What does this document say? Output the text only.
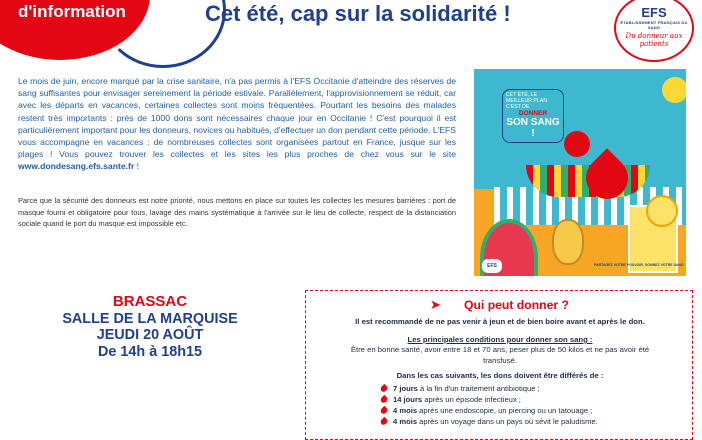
d'information	Cet été, cap sur la solidarité !	EFS
ÉTABLISSEMENT FRANÇAIS DU SANG
Du donneur aux patients
Le mois de juin, encore marqué par la crise sanitaire, n'a pas permis à l'EFS Occitanie d'atteindre des réserves de sang suffisantes pour envisager sereinement la période estivale. Parallèlement, l'approvisionnement se réduit, car avec les départs en vacances, certaines collectes sont moins fréquentées. Pourtant les besoins des malades restent très importants : près de 1000 dons sont nécessaires chaque jour en Occitanie ! C'est pourquoi il est particulièrement important pour les donneurs, novices ou habitués, d'effectuer un don pendant cette période. L'EFS vous accompagne en vacances : de nombreuses collectes sont organisées partout en France, jusque sur les plages ! Vous pouvez trouver les collectes et les sites les plus proches de chez vous sur le site www.dondesang.efs.sante.fr !
Parce que la sécurité des donneurs est notre priorité, nous mettons en place sur toutes les collectes les mesures barrières : port de masque fourni et obligatoire pour tous, lavage des mains systématique à l'arrivée sur le lieu de collecte, respect de la distanciation sociale quand le port du masque est impossible etc.
CET ÉTÉ, LE MEILLEUR PLAN C'EST DE
DONNER
SON SANG !
EFS	PARTAGEZ VOTRE POUVOIR, DONNEZ VOTRE SANG
BRASSAC
SALLE DE LA MARQUISE
JEUDI 20 AOÛT
De 14h à 18h15
➤ Qui peut donner ?
Il est recommandé de ne pas venir à jeun et de bien boire avant et après le don.
Les principales conditions pour donner son sang :
Être en bonne santé, avoir entre 18 et 70 ans, peser plus de 50 kilos et ne pas avoir été transfusé.
Dans les cas suivants, les dons doivent être différés de :
7 jours à la fin d'un traitement antibiotique ;
14 jours après un épisode infectieux ;
4 mois après une endoscopie, un piercing ou un tatouage ;
4 mois après un voyage dans un pays où sévit le paludisme.
